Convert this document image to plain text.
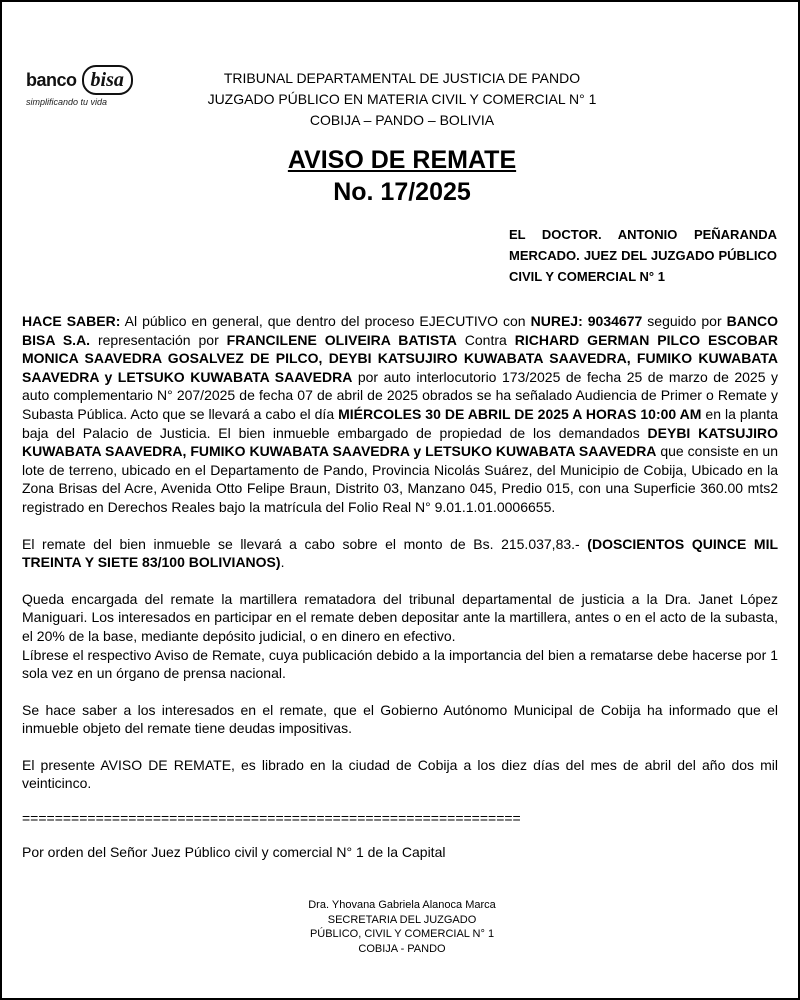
banco bisa
simplificando tu vida
TRIBUNAL DEPARTAMENTAL DE JUSTICIA DE PANDO
JUZGADO PÚBLICO EN MATERIA CIVIL Y COMERCIAL N° 1
COBIJA – PANDO – BOLIVIA
AVISO DE REMATE
No. 17/2025
EL DOCTOR. ANTONIO PEÑARANDA MERCADO. JUEZ DEL JUZGADO PÚBLICO CIVIL Y COMERCIAL N° 1

HACE SABER: Al público en general, que dentro del proceso EJECUTIVO con NUREJ: 9034677 seguido por BANCO BISA S.A. representación por FRANCILENE OLIVEIRA BATISTA Contra RICHARD GERMAN PILCO ESCOBAR MONICA SAAVEDRA GOSALVEZ DE PILCO, DEYBI KATSUJIRO KUWABATA SAAVEDRA, FUMIKO KUWABATA SAAVEDRA y LETSUKO KUWABATA SAAVEDRA por auto interlocutorio 173/2025 de fecha 25 de marzo de 2025 y auto complementario N° 207/2025 de fecha 07 de abril de 2025 obrados se ha señalado Audiencia de Primer o Remate y Subasta Pública. Acto que se llevará a cabo el día MIÉRCOLES 30 DE ABRIL DE 2025 A HORAS 10:00 AM en la planta baja del Palacio de Justicia. El bien inmueble embargado de propiedad de los demandados DEYBI KATSUJIRO KUWABATA SAAVEDRA, FUMIKO KUWABATA SAAVEDRA y LETSUKO KUWABATA SAAVEDRA que consiste en un lote de terreno, ubicado en el Departamento de Pando, Provincia Nicolás Suárez, del Municipio de Cobija, Ubicado en la Zona Brisas del Acre, Avenida Otto Felipe Braun, Distrito 03, Manzano 045, Predio 015, con una Superficie 360.00 mts2 registrado en Derechos Reales bajo la matrícula del Folio Real N° 9.01.1.01.0006655.

El remate del bien inmueble se llevará a cabo sobre el monto de Bs. 215.037,83.- (DOSCIENTOS QUINCE MIL TREINTA Y SIETE 83/100 BOLIVIANOS).

Queda encargada del remate la martillera rematadora del tribunal departamental de justicia a la Dra. Janet López Maniguari. Los interesados en participar en el remate deben depositar ante la martillera, antes o en el acto de la subasta, el 20% de la base, mediante depósito judicial, o en dinero en efectivo.

Líbrese el respectivo Aviso de Remate, cuya publicación debido a la importancia del bien a rematarse debe hacerse por 1 sola vez en un órgano de prensa nacional.

Se hace saber a los interesados en el remate, que el Gobierno Autónomo Municipal de Cobija ha informado que el inmueble objeto del remate tiene deudas impositivas.

El presente AVISO DE REMATE, es librado en la ciudad de Cobija a los diez días del mes de abril del año dos mil veinticinco.

=============================================================

Por orden del Señor Juez Público civil y comercial N° 1 de la Capital

Dra. Yhovana Gabriela Alanoca Marca
SECRETARIA DEL JUZGADO
PÚBLICO, CIVIL Y COMERCIAL N° 1
COBIJA - PANDO
